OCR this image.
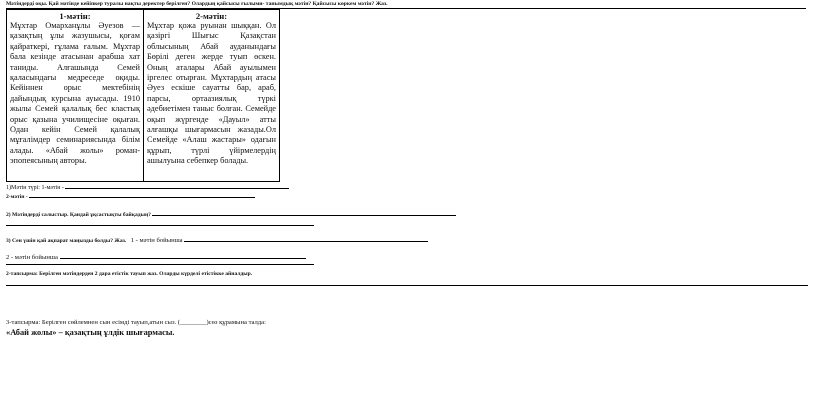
Мәтіндерді оқы. Қай мәтінде кейіпкер туралы нақты деректер берілген? Олардың қайсысы ғылыми- танымдық мәтін? Қайсысы көркем мәтін? Жаз.
1-мәтін:
Мұхтар Омарханұлы Әуезов — қазақтың ұлы жазушысы, қоғам қайраткері, ғұлама ғалым. Мұхтар бала кезінде атасынан арабша хат таниды. Алғашында Семей қаласындағы медреседе оқиды. Кейіннен орыс мектебінің дайындық курсына ауысады. 1910 жылы Семей қалалық бес кластық орыс қазына училищесіне оқыған. Одан кейін Семей қалалық мұғалімдер семинариясында білім алады. «Абай жолы» роман-эпопеясының авторы.
2-мәтін:
Мұхтар қожа руынан шыққан. Ол қазіргі Шығыс Қазақстан облысының Абай ауданындағы Бөрілі деген жерде туып өскен. Оның аталары Абай ауылымен іргелес отырған. Мұхтардың атасы Әуез ескіше сауатты бар, араб, парсы, ортаазиялық түркі әдебиетімен таныс болған. Семейде оқып жүргенде «Дауыл» атты алғашқы шығармасын жазады.Ол Семейде «Алаш жастары» одағын құрып, түрлі үйірмелердің ашылуына себепкер болады.
1)Мәтін түрі: 1-мәтін -
2-мәтін -
2) Мәтіндерді салыстыр. Қандай ұқсастықты байқадың?
3) Сен үшін қай ақпарат маңызды болды? Жаз. 1 - мәтін бойынша
2 - мәтін бойынша
2-тапсырма: Берілген мәтіндерден 2 дара етістік тауып жаз. Оларды күрделі етістікке айналдыр.
3-тапсырма: Берілген сөйлемнен сын есімді тауып,атын сыз. (________)сөз құрамына талда:
«Абай жолы» – қазақтың ұлдік шығармасы.
